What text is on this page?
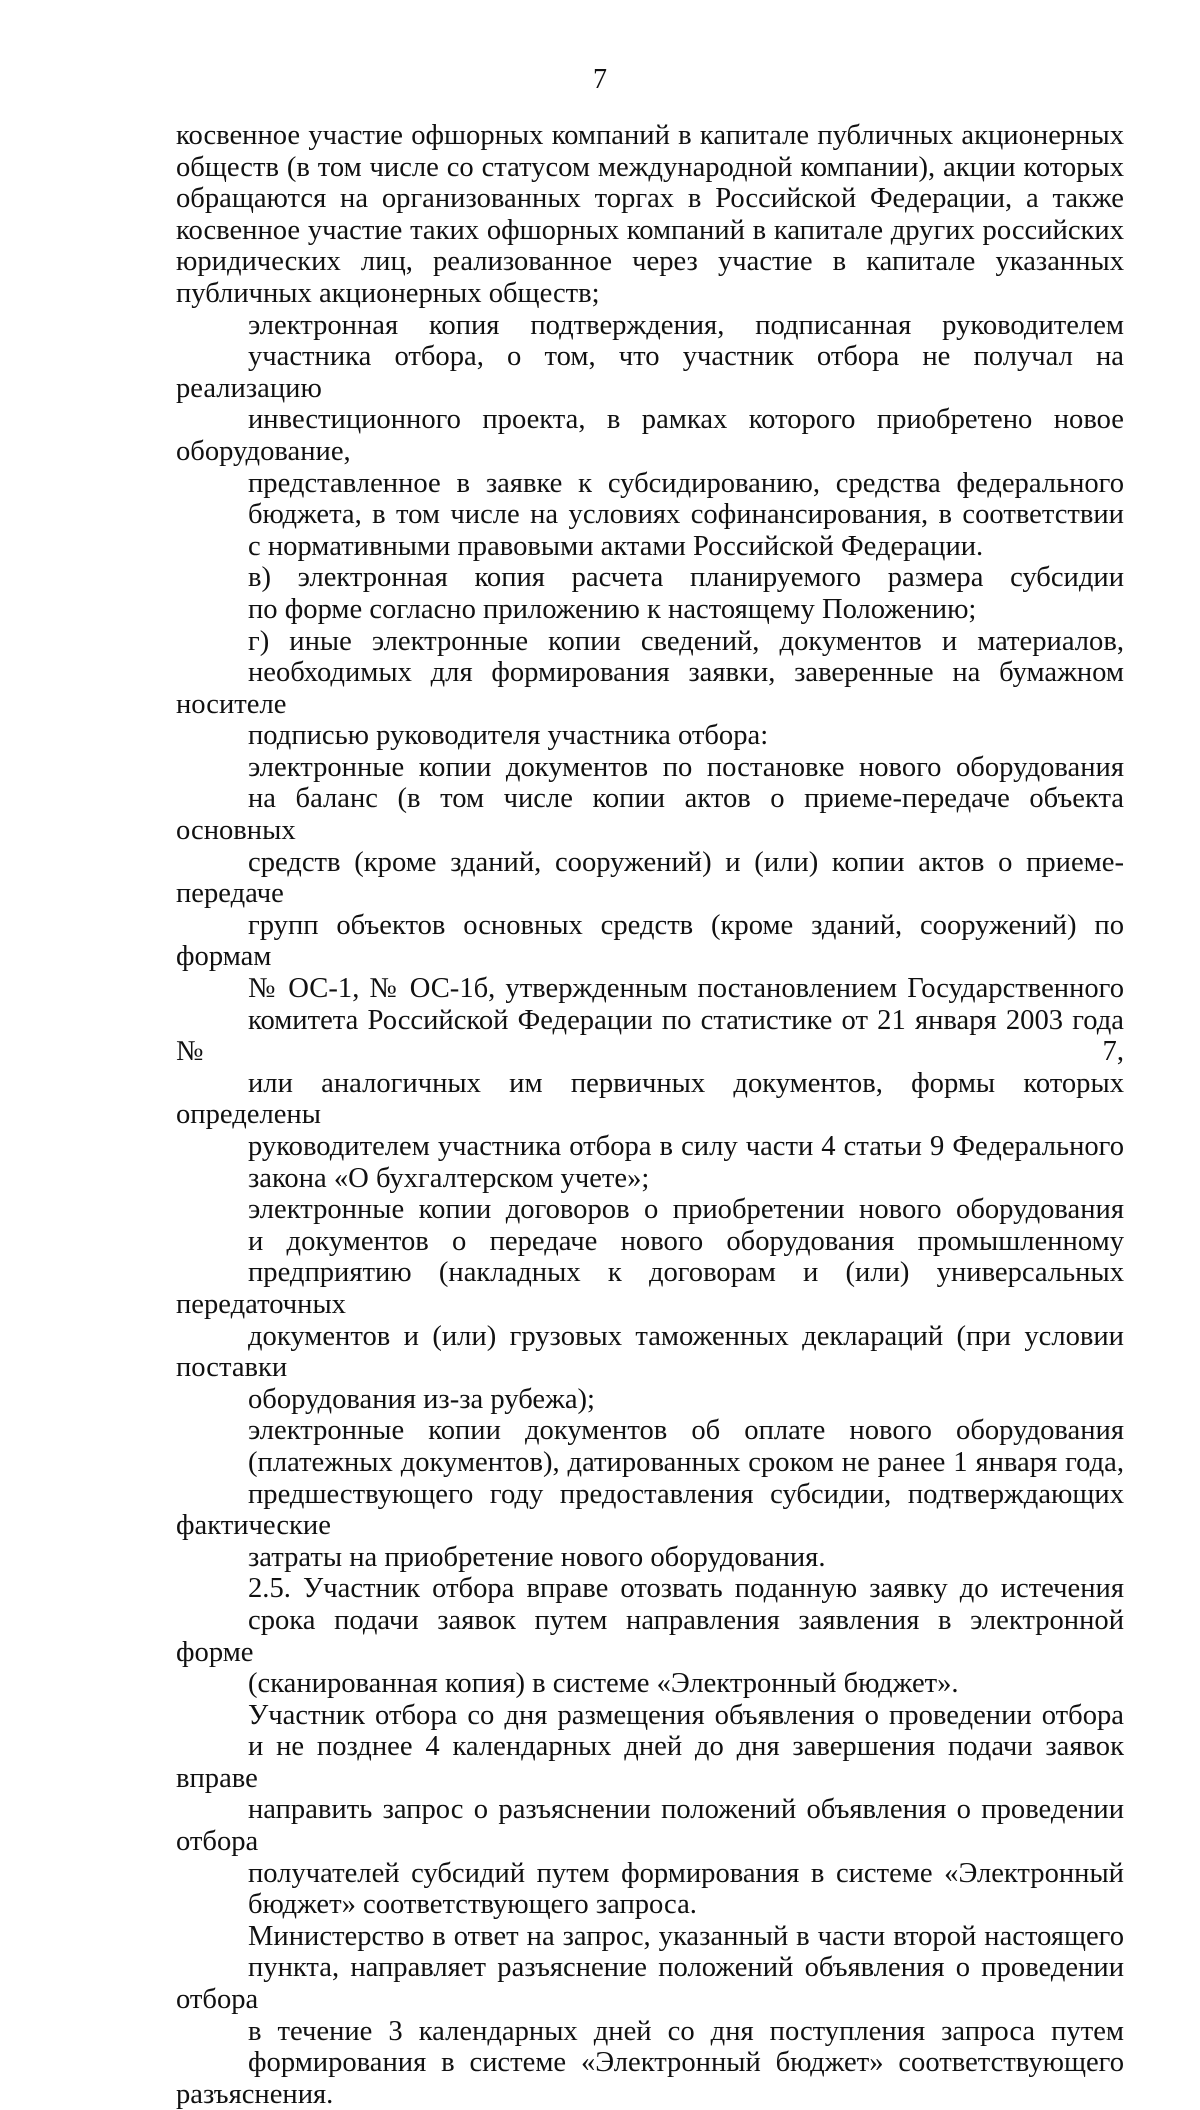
7

косвенное участие офшорных компаний в капитале публичных акционерных
обществ (в том числе со статусом международной компании), акции которых
обращаются на организованных торгах в Российской Федерации, а также
косвенное участие таких офшорных компаний в капитале других российских
юридических лиц, реализованное через участие в капитале указанных
публичных акционерных обществ;

электронная копия подтверждения, подписанная руководителем
участника отбора, о том, что участник отбора не получал на реализацию
инвестиционного проекта, в рамках которого приобретено новое оборудование,
представленное в заявке к субсидированию, средства федерального
бюджета, в том числе на условиях софинансирования, в соответствии
с нормативными правовыми актами Российской Федерации.

в) электронная копия расчета планируемого размера субсидии
по форме согласно приложению к настоящему Положению;

г) иные электронные копии сведений, документов и материалов,
необходимых для формирования заявки, заверенные на бумажном носителе
подписью руководителя участника отбора:

электронные копии документов по постановке нового оборудования
на баланс (в том числе копии актов о приеме-передаче объекта основных
средств (кроме зданий, сооружений) и (или) копии актов о приеме-передаче
групп объектов основных средств (кроме зданий, сооружений) по формам
№ ОС-1, № ОС-1б, утвержденным постановлением Государственного
комитета Российской Федерации по статистике от 21 января 2003 года № 7,
или аналогичных им первичных документов, формы которых определены
руководителем участника отбора в силу части 4 статьи 9 Федерального
закона «О бухгалтерском учете»;

электронные копии договоров о приобретении нового оборудования
и документов о передаче нового оборудования промышленному
предприятию (накладных к договорам и (или) универсальных передаточных
документов и (или) грузовых таможенных деклараций (при условии поставки
оборудования из-за рубежа);

электронные копии документов об оплате нового оборудования
(платежных документов), датированных сроком не ранее 1 января года,
предшествующего году предоставления субсидии, подтверждающих фактические
затраты на приобретение нового оборудования.

2.5. Участник отбора вправе отозвать поданную заявку до истечения
срока подачи заявок путем направления заявления в электронной форме
(сканированная копия) в системе «Электронный бюджет».

Участник отбора со дня размещения объявления о проведении отбора
и не позднее 4 календарных дней до дня завершения подачи заявок вправе
направить запрос о разъяснении положений объявления о проведении отбора
получателей субсидий путем формирования в системе «Электронный
бюджет» соответствующего запроса.

Министерство в ответ на запрос, указанный в части второй настоящего
пункта, направляет разъяснение положений объявления о проведении отбора
в течение 3 календарных дней со дня поступления запроса путем
формирования в системе «Электронный бюджет» соответствующего разъяснения.
